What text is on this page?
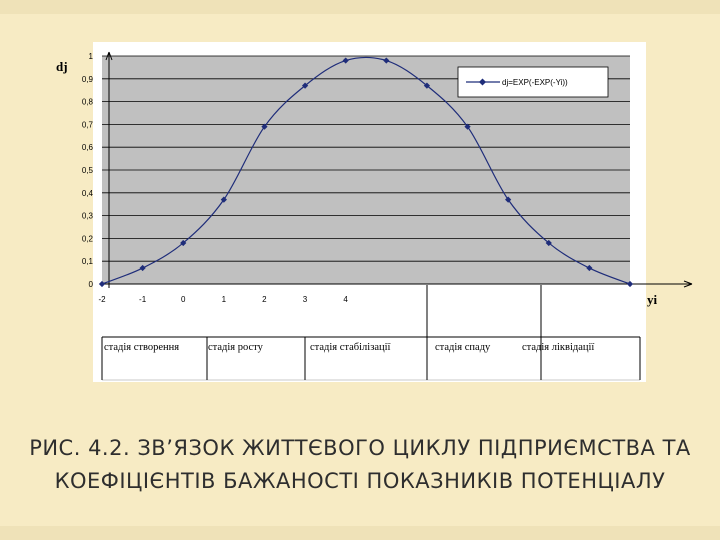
0
0,1
0,2
0,3
0,4
0,5
0,6
0,7
0,8
0,9
1
-2	-1	0	1	2	3	4
dj
yi
dj=EXP(-EXP(-Yi))
стадія створення	стадія росту	стадія стабілізації	стадія спаду	стадія ліквідації
РИС. 4.2. ЗВ’ЯЗОК ЖИТТЄВОГО ЦИКЛУ ПІДПРИЄМСТВА ТА
КОЕФІЦІЄНТІВ БАЖАНОСТІ ПОКАЗНИКІВ ПОТЕНЦІАЛУ
